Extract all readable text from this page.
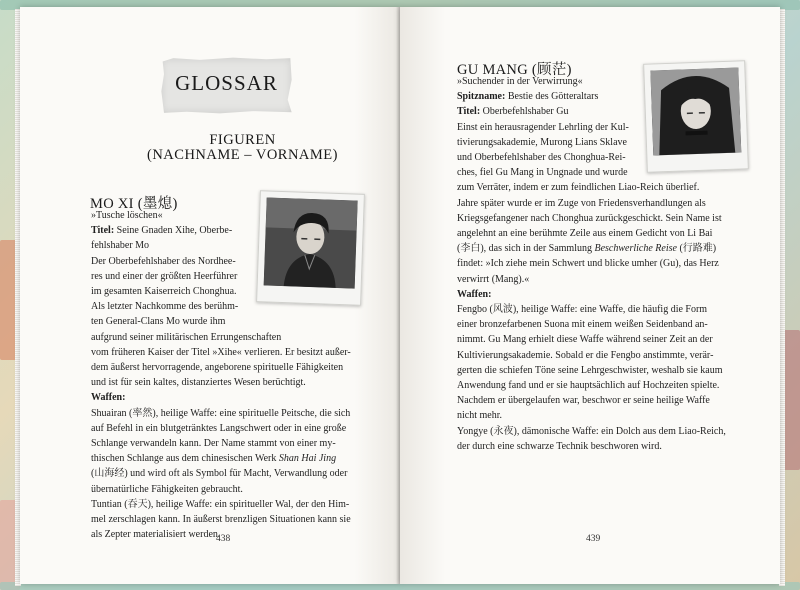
GLOSSAR
FIGUREN
(NACHNAME – VORNAME)
MO XI (墨熄)

»Tusche löschen«

Titel: Seine Gnaden Xihe, Oberbe-

fehlshaber Mo

Der Oberbefehlshaber des Nordhee-

res und einer der größten Heerführer

im gesamten Kaiserreich Chonghua.

Als letzter Nachkomme des berühm-

ten General-Clans Mo wurde ihm

aufgrund seiner militärischen Errungenschaften

vom früheren Kaiser der Titel »Xihe« verlieren. Er besitzt außer-

dem äußerst hervorragende, angeborene spirituelle Fähigkeiten

und ist für sein kaltes, distanziertes Wesen berüchtigt.

Waffen:

Shuairan (率然), heilige Waffe: eine spirituelle Peitsche, die sich

auf Befehl in ein blutgetränktes Langschwert oder in eine große

Schlange verwandeln kann. Der Name stammt von einer my-

thischen Schlange aus dem chinesischen Werk Shan Hai Jing

(山海经) und wird oft als Symbol für Macht, Verwandlung oder

übernatürliche Fähigkeiten gebraucht.

Tuntian (吞天), heilige Waffe: ein spiritueller Wal, der den Him-

mel zerschlagen kann. In äußerst brenzligen Situationen kann sie

als Zepter materialisiert werden.

438
GU MANG (顾茫)

»Suchender in der Verwirrung«

Spitzname: Bestie des Götteraltars

Titel: Oberbefehlshaber Gu

Einst ein herausragender Lehrling der Kul-

tivierungsakademie, Murong Lians Sklave

und Oberbefehlshaber des Chonghua-Rei-

ches, fiel Gu Mang in Ungnade und wurde

zum Verräter, indem er zum feindlichen Liao-Reich überlief.

Jahre später wurde er im Zuge von Friedensverhandlungen als

Kriegsgefangener nach Chonghua zurückgeschickt. Sein Name ist

angelehnt an eine berühmte Zeile aus einem Gedicht von Li Bai

(李白), das sich in der Sammlung Beschwerliche Reise (行路难)

findet: »Ich ziehe mein Schwert und blicke umher (Gu), das Herz

verwirrt (Mang).«

Waffen:

Fengbo (风波), heilige Waffe: eine Waffe, die häufig die Form

einer bronzefarbenen Suona mit einem weißen Seidenband an-

nimmt. Gu Mang erhielt diese Waffe während seiner Zeit an der

Kultivierungsakademie. Sobald er die Fengbo anstimmte, verär-

gerten die schiefen Töne seine Lehrgeschwister, weshalb sie kaum

Anwendung fand und er sie hauptsächlich auf Hochzeiten spielte.

Nachdem er übergelaufen war, beschwor er seine heilige Waffe

nicht mehr.

Yongye (永夜), dämonische Waffe: ein Dolch aus dem Liao-Reich,

der durch eine schwarze Technik beschworen wird.

439
